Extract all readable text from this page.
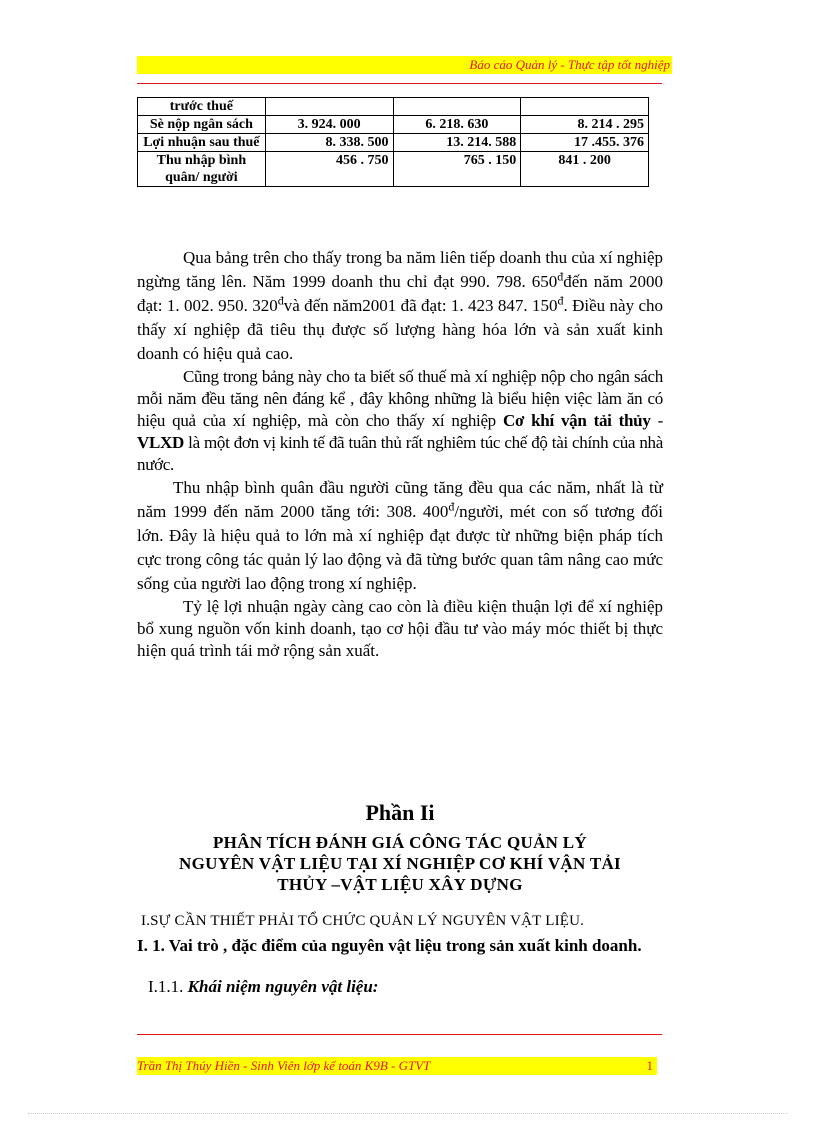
Báo cáo Quản lý - Thực tập tốt nghiệp
trước thuế			
Sè nộp ngân sách	3. 924. 000	6. 218. 630	8. 214 . 295
Lợi nhuận sau thuế	8. 338. 500	13. 214. 588	17 .455. 376
Thu nhập bình quân/ người	456 . 750	765 . 150	841 . 200

Qua bảng trên cho thấy trong ba năm liên tiếp doanh thu của xí nghiệp ngừng tăng lên. Năm 1999 doanh thu chỉ đạt 990. 798. $650^đđến$ năm 2000 đạt: 1. 002. 950. $320^đvà$ đến năm2001 đã đạt: 1. 423 847. $150^đ$. Điều này cho thấy xí nghiệp đã tiêu thụ được số lượng hàng hóa lớn và sản xuất kinh doanh có hiệu quả cao.

Cũng trong bảng này cho ta biết số thuế mà xí nghiệp nộp cho ngân sách mỗi năm đều tăng nên đáng kể , đây không những là biểu hiện việc làm ăn có hiệu quả của xí nghiệp, mà còn cho thấy xí nghiệp Cơ khí vận tải thủy - VLXD là một đơn vị kinh tế đã tuân thủ rất nghiêm túc chế độ tài chính của nhà nước.

Thu nhập bình quân đầu người cũng tăng đều qua các năm, nhất là từ năm 1999 đến năm 2000 tăng tới: 308. $400^đ$/người, mét con số tương đối lớn. Đây là hiệu quả to lớn mà xí nghiệp đạt được từ những biện pháp tích cực trong công tác quản lý lao động và đã từng bước quan tâm nâng cao mức sống của người lao động trong xí nghiệp.

Tỷ lệ lợi nhuận ngày càng cao còn là điều kiện thuận lợi để xí nghiệp bổ xung nguồn vốn kinh doanh, tạo cơ hội đầu tư vào máy móc thiết bị thực hiện quá trình tái mở rộng sản xuất.

Phần Ii
PHÂN TÍCH ĐÁNH GIÁ CÔNG TÁC QUẢN LÝ
NGUYÊN VẬT LIỆU TẠI XÍ NGHIỆP CƠ KHÍ VẬN TẢI
THỦY –VẬT LIỆU XÂY DỰNG
I.SỰ CẦN THIẾT PHẢI TỔ CHỨC QUẢN LÝ NGUYÊN VẬT LIỆU.
I. 1. Vai trò , đặc điểm của nguyên vật liệu trong sản xuất kinh doanh.
I.1.1. Khái niệm nguyên vật liệu:
Trần Thị Thúy Hiền - Sinh Viên lớp kế toán K9B - GTVT	1
